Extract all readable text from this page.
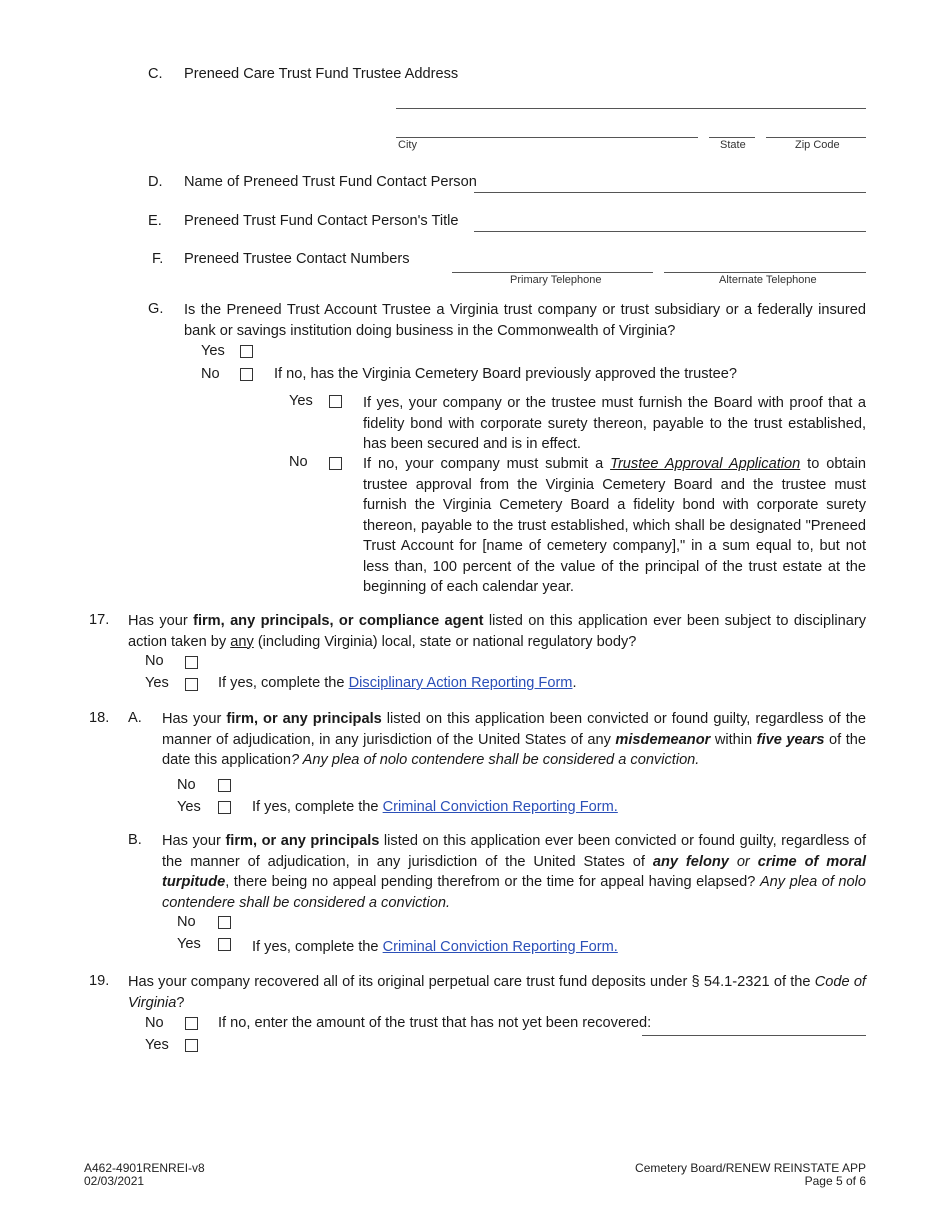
C. Preneed Care Trust Fund Trustee Address
City	State	Zip Code
D. Name of Preneed Trust Fund Contact Person
E. Preneed Trust Fund Contact Person's Title
F. Preneed Trustee Contact Numbers
Primary Telephone	Alternate Telephone
G. Is the Preneed Trust Account Trustee a Virginia trust company or trust subsidiary or a federally insured bank or savings institution doing business in the Commonwealth of Virginia?
Yes
No	If no, has the Virginia Cemetery Board previously approved the trustee?
Yes	If yes, your company or the trustee must furnish the Board with proof that a fidelity bond with corporate surety thereon, payable to the trust established, has been secured and is in effect.
No	If no, your company must submit a Trustee Approval Application to obtain trustee approval from the Virginia Cemetery Board and the trustee must furnish the Virginia Cemetery Board a fidelity bond with corporate surety thereon, payable to the trust established, which shall be designated "Preneed Trust Account for [name of cemetery company]," in a sum equal to, but not less than, 100 percent of the value of the principal of the trust estate at the beginning of each calendar year.
17. Has your firm, any principals, or compliance agent listed on this application ever been subject to disciplinary action taken by any (including Virginia) local, state or national regulatory body?
No
Yes	If yes, complete the Disciplinary Action Reporting Form.
18. A. Has your firm, or any principals listed on this application been convicted or found guilty, regardless of the manner of adjudication, in any jurisdiction of the United States of any misdemeanor within five years of the date this application? Any plea of nolo contendere shall be considered a conviction.
No
Yes	If yes, complete the Criminal Conviction Reporting Form.
B. Has your firm, or any principals listed on this application ever been convicted or found guilty, regardless of the manner of adjudication, in any jurisdiction of the United States of any felony or crime of moral turpitude, there being no appeal pending therefrom or the time for appeal having elapsed? Any plea of nolo contendere shall be considered a conviction.
No
Yes	If yes, complete the Criminal Conviction Reporting Form.
19. Has your company recovered all of its original perpetual care trust fund deposits under § 54.1-2321 of the Code of Virginia?
No	If no, enter the amount of the trust that has not yet been recovered:
Yes
A462-4901RENREI-v8
02/03/2021
Cemetery Board/RENEW REINSTATE APP
Page 5 of 6
